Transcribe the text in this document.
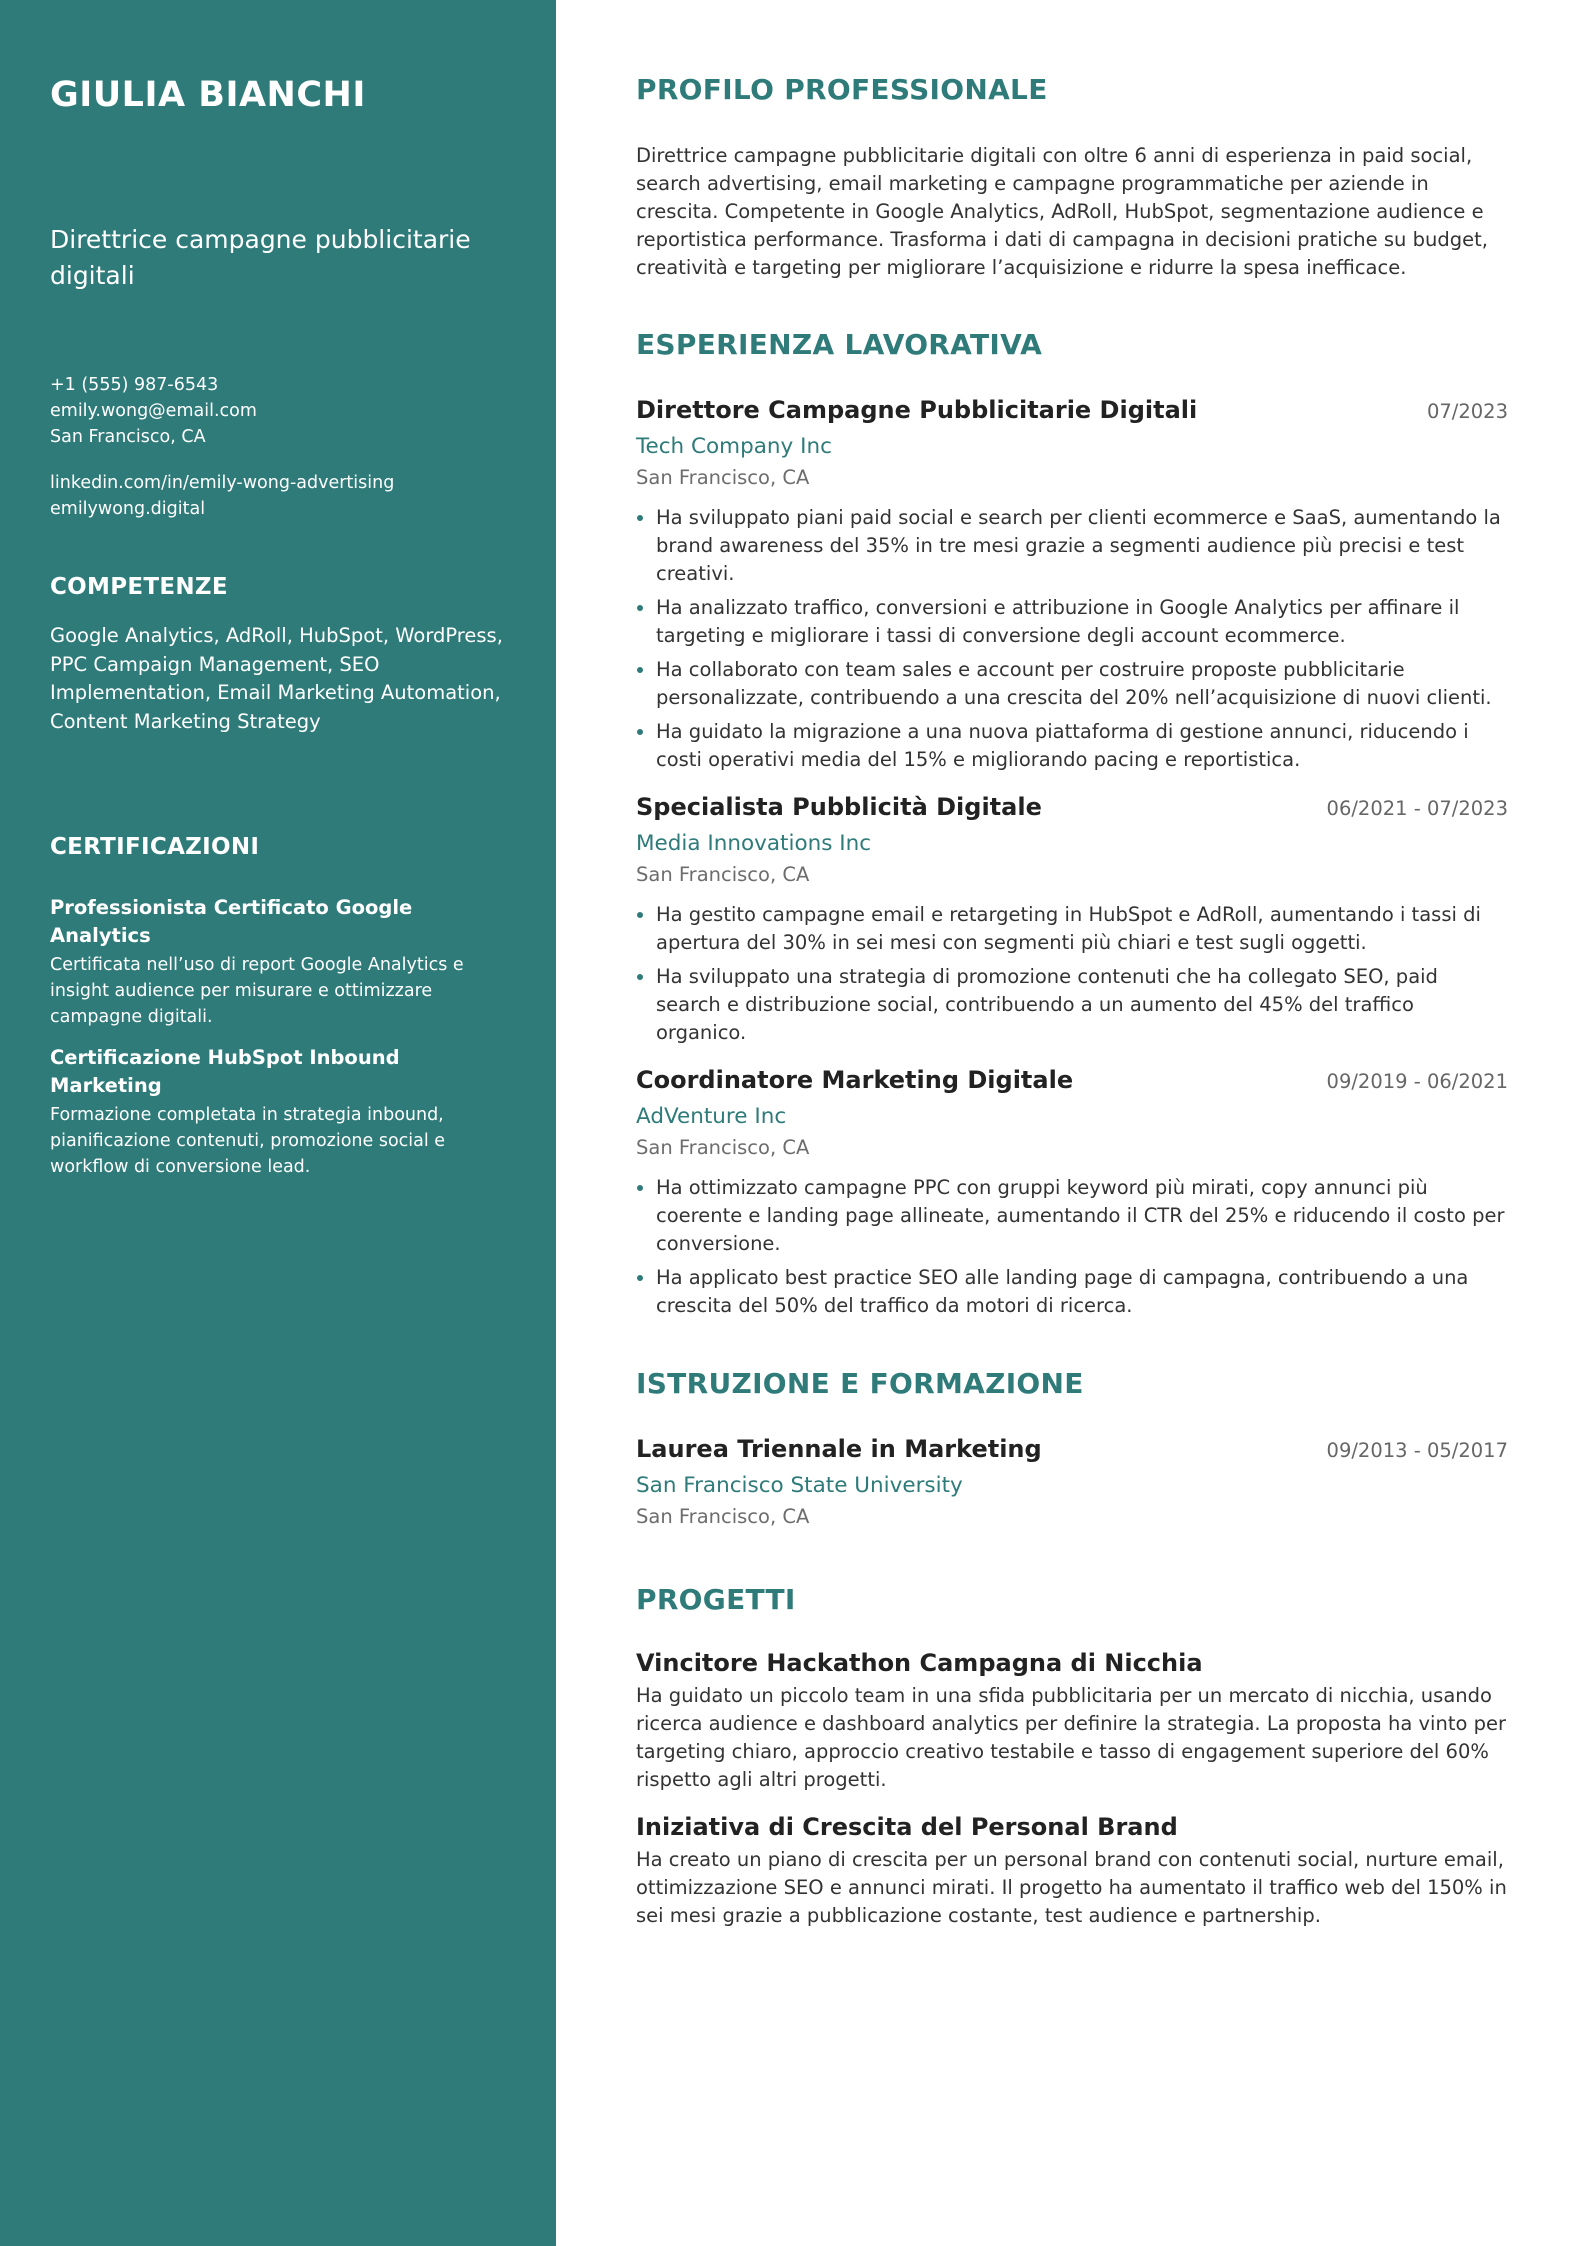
GIULIA BIANCHI
Direttrice campagne pubblicitarie digitali
+1 (555) 987-6543
emily.wong@email.com
San Francisco, CA
linkedin.com/in/emily-wong-advertising
emilywong.digital
COMPETENZE
Google Analytics, AdRoll, HubSpot, WordPress, PPC Campaign Management, SEO Implementation, Email Marketing Automation, Content Marketing Strategy
CERTIFICAZIONI
Professionista Certificato Google Analytics
Certificata nell’uso di report Google Analytics e insight audience per misurare e ottimizzare campagne digitali.
Certificazione HubSpot Inbound Marketing
Formazione completata in strategia inbound, pianificazione contenuti, promozione social e workflow di conversione lead.
PROFILO PROFESSIONALE

Direttrice campagne pubblicitarie digitali con oltre 6 anni di esperienza in paid social, search advertising, email marketing e campagne programmatiche per aziende in crescita. Competente in Google Analytics, AdRoll, HubSpot, segmentazione audience e reportistica performance. Trasforma i dati di campagna in decisioni pratiche su budget, creatività e targeting per migliorare l’acquisizione e ridurre la spesa inefficace.

ESPERIENZA LAVORATIVA
Direttore Campagne Pubblicitarie Digitali	07/2023
Tech Company Inc
San Francisco, CA
Ha sviluppato piani paid social e search per clienti ecommerce e SaaS, aumentando la brand awareness del 35% in tre mesi grazie a segmenti audience più precisi e test creativi.
Ha analizzato traffico, conversioni e attribuzione in Google Analytics per affinare il targeting e migliorare i tassi di conversione degli account ecommerce.
Ha collaborato con team sales e account per costruire proposte pubblicitarie personalizzate, contribuendo a una crescita del 20% nell’acquisizione di nuovi clienti.
Ha guidato la migrazione a una nuova piattaforma di gestione annunci, riducendo i costi operativi media del 15% e migliorando pacing e reportistica.
Specialista Pubblicità Digitale	06/2021 - 07/2023
Media Innovations Inc
San Francisco, CA
Ha gestito campagne email e retargeting in HubSpot e AdRoll, aumentando i tassi di apertura del 30% in sei mesi con segmenti più chiari e test sugli oggetti.
Ha sviluppato una strategia di promozione contenuti che ha collegato SEO, paid search e distribuzione social, contribuendo a un aumento del 45% del traffico organico.
Coordinatore Marketing Digitale	09/2019 - 06/2021
AdVenture Inc
San Francisco, CA
Ha ottimizzato campagne PPC con gruppi keyword più mirati, copy annunci più coerente e landing page allineate, aumentando il CTR del 25% e riducendo il costo per conversione.
Ha applicato best practice SEO alle landing page di campagna, contribuendo a una crescita del 50% del traffico da motori di ricerca.
ISTRUZIONE E FORMAZIONE
Laurea Triennale in Marketing	09/2013 - 05/2017
San Francisco State University
San Francisco, CA
PROGETTI
Vincitore Hackathon Campagna di Nicchia

Ha guidato un piccolo team in una sfida pubblicitaria per un mercato di nicchia, usando ricerca audience e dashboard analytics per definire la strategia. La proposta ha vinto per targeting chiaro, approccio creativo testabile e tasso di engagement superiore del 60% rispetto agli altri progetti.

Iniziativa di Crescita del Personal Brand

Ha creato un piano di crescita per un personal brand con contenuti social, nurture email, ottimizzazione SEO e annunci mirati. Il progetto ha aumentato il traffico web del 150% in sei mesi grazie a pubblicazione costante, test audience e partnership.
